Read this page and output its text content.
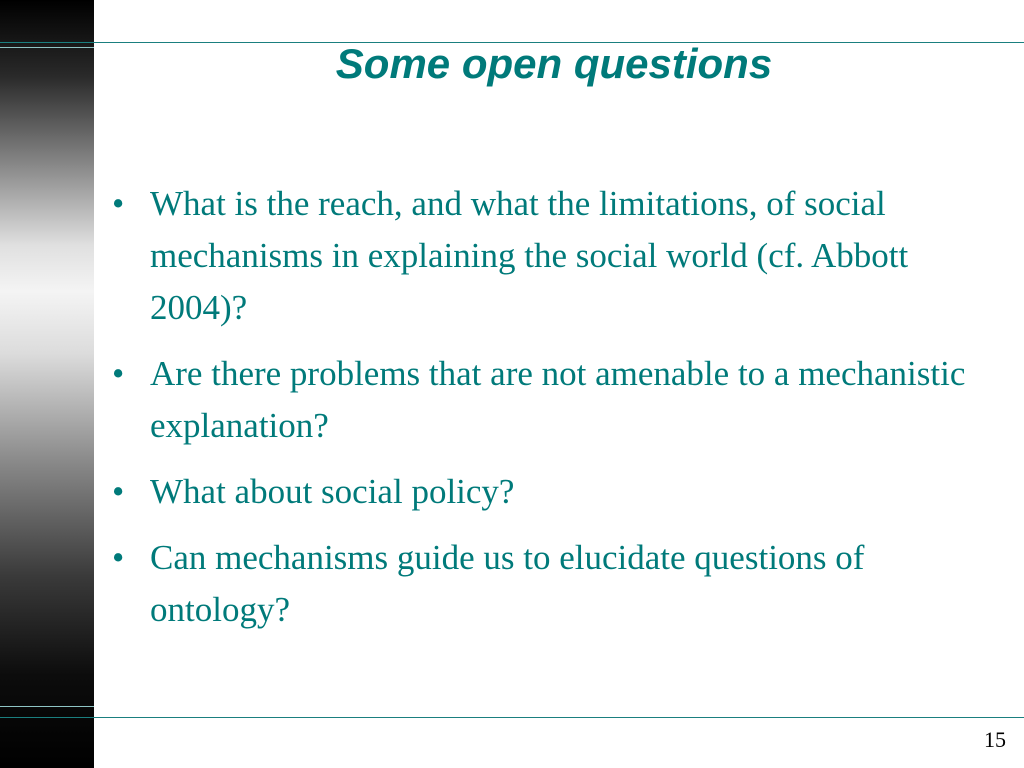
Some open questions
• What is the reach, and what the limitations, of social mechanisms in explaining the social world (cf. Abbott 2004)?
• Are there problems that are not amenable to a mechanistic explanation?
• What about social policy?
• Can mechanisms guide us to elucidate questions of ontology?
15
